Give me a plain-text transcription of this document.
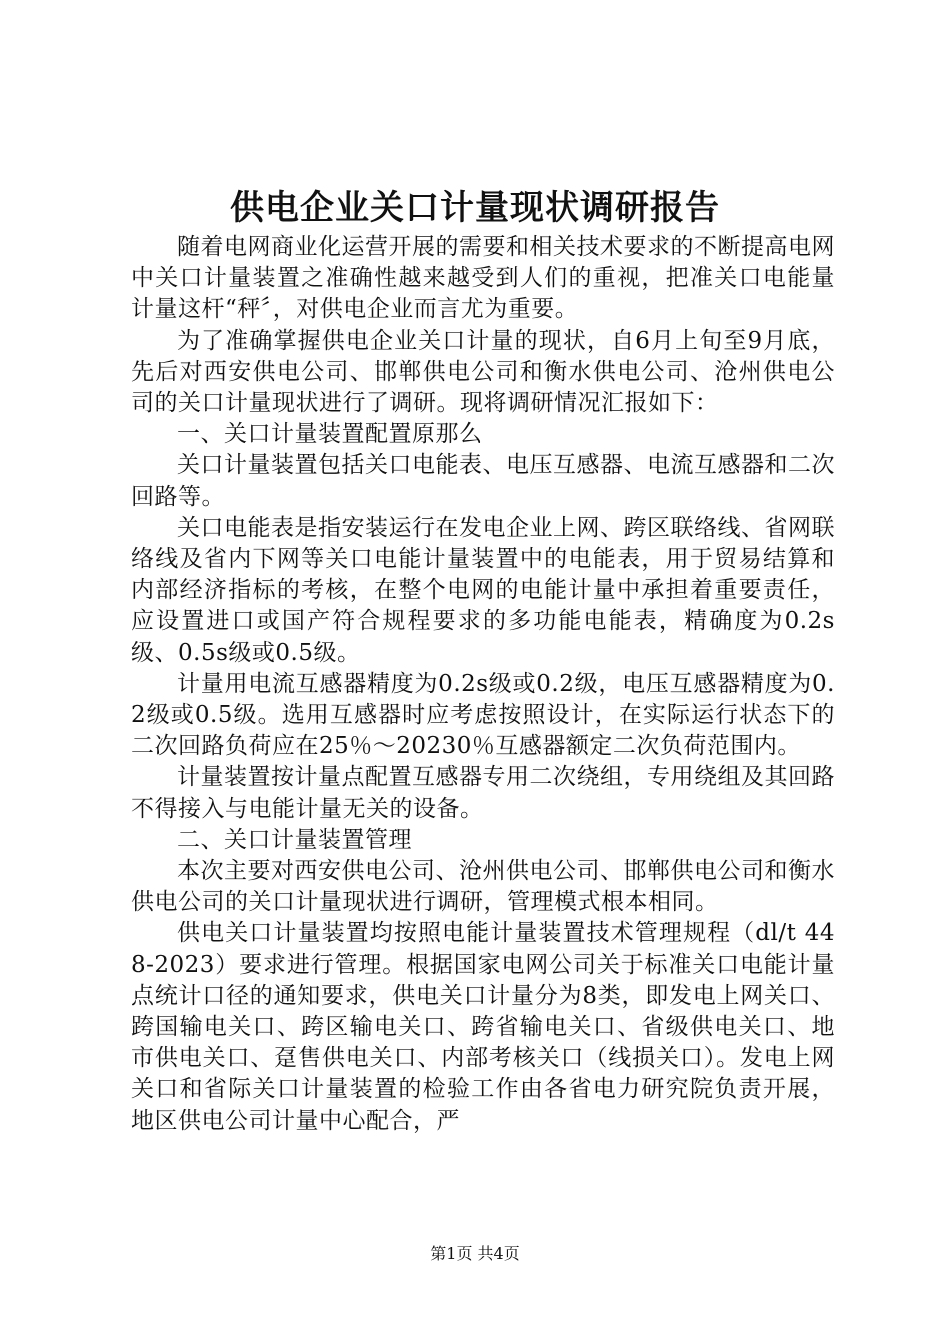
供电企业关口计量现状调研报告

随着电网商业化运营开展的需要和相关技术要求的不断提高电网中关口计量装置之准确性越来越受到人们的重视，把准关口电能量计量这杆“秤〞，对供电企业而言尤为重要。

为了准确掌握供电企业关口计量的现状，自6月上旬至9月底，先后对西安供电公司、邯郸供电公司和衡水供电公司、沧州供电公司的关口计量现状进行了调研。现将调研情况汇报如下：

一、关口计量装置配置原那么

关口计量装置包括关口电能表、电压互感器、电流互感器和二次回路等。

关口电能表是指安装运行在发电企业上网、跨区联络线、省网联络线及省内下网等关口电能计量装置中的电能表，用于贸易结算和内部经济指标的考核，在整个电网的电能计量中承担着重要责任，应设置进口或国产符合规程要求的多功能电能表，精确度为0.2s级、0.5s级或0.5级。

计量用电流互感器精度为0.2s级或0.2级，电压互感器精度为0.2级或0.5级。选用互感器时应考虑按照设计，在实际运行状态下的二次回路负荷应在25％～20230％互感器额定二次负荷范围内。

计量装置按计量点配置互感器专用二次绕组，专用绕组及其回路不得接入与电能计量无关的设备。

二、关口计量装置管理

本次主要对西安供电公司、沧州供电公司、邯郸供电公司和衡水供电公司的关口计量现状进行调研，管理模式根本相同。

供电关口计量装置均按照电能计量装置技术管理规程（dl/t 448-2023）要求进行管理。根据国家电网公司关于标准关口电能计量点统计口径的通知要求，供电关口计量分为8类，即发电上网关口、跨国输电关口、跨区输电关口、跨省输电关口、省级供电关口、地市供电关口、趸售供电关口、内部考核关口（线损关口）。发电上网关口和省际关口计量装置的检验工作由各省电力研究院负责开展，地区供电公司计量中心配合，严

第1页 共4页
